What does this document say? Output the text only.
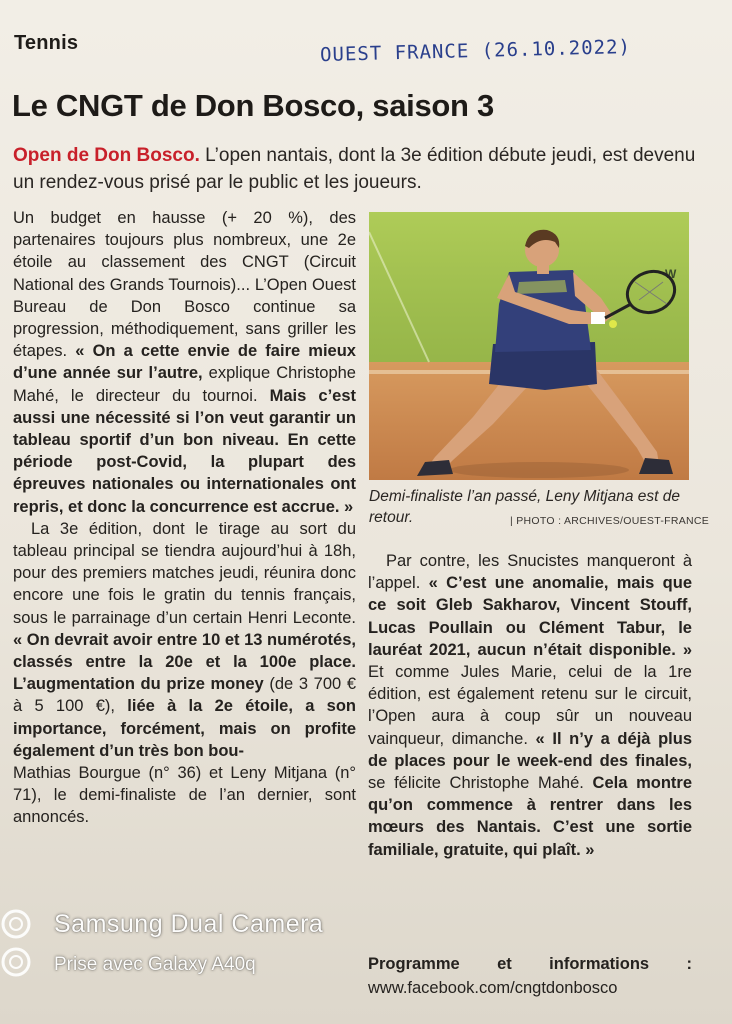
Tennis	OUEST FRANCE (26.10.2022)
Le CNGT de Don Bosco, saison 3

Open de Don Bosco. L’open nantais, dont la 3e édition débute jeudi, est devenu un rendez-vous prisé par le public et les joueurs.

Un budget en hausse (+ 20 %), des partenaires toujours plus nombreux, une 2e étoile au classement des CNGT (Circuit National des Grands Tournois)... L’Open Ouest Bureau de Don Bosco continue sa progression, méthodiquement, sans griller les étapes. « On a cette envie de faire mieux d’une année sur l’autre, explique Christophe Mahé, le directeur du tournoi. Mais c’est aussi une nécessité si l’on veut garantir un tableau sportif d’un bon niveau. En cette période post-Covid, la plupart des épreuves nationales ou internationales ont repris, et donc la concurrence est accrue. »

La 3e édition, dont le tirage au sort du tableau principal se tiendra aujourd’hui à 18h, pour des premiers matches jeudi, réunira donc encore une fois le gratin du tennis français, sous le parrainage d’un certain Henri Leconte. « On devrait avoir entre 10 et 13 numérotés, classés entre la 20e et la 100e place. L’augmentation du prize money (de 3 700 € à 5 100 €), liée à la 2e étoile, a son importance, forcément, mais on profite également d’un très bon bou-
Mathias Bourgue (n° 36) et Leny Mitjana (n° 71), le demi-finaliste de l’an dernier, sont annoncés.

W
Demi-finaliste l’an passé, Leny Mitjana est de retour.	| PHOTO : ARCHIVES/OUEST-FRANCE

Par contre, les Snucistes manqueront à l’appel. « C’est une anomalie, mais que ce soit Gleb Sakharov, Vincent Stouff, Lucas Poullain ou Clément Tabur, le lauréat 2021, aucun n’était disponible. » Et comme Jules Marie, celui de la 1re édition, est également retenu sur le circuit, l’Open aura à coup sûr un nouveau vainqueur, dimanche. « Il n’y a déjà plus de places pour le week-end des finales, se félicite Christophe Mahé. Cela montre qu’on commence à rentrer dans les mœurs des Nantais. C’est une sortie familiale, gratuite, qui plaît. »

Programme et informations :
www.facebook.com/cngtdonbosco
Samsung Dual Camera
Prise avec Galaxy A40q
